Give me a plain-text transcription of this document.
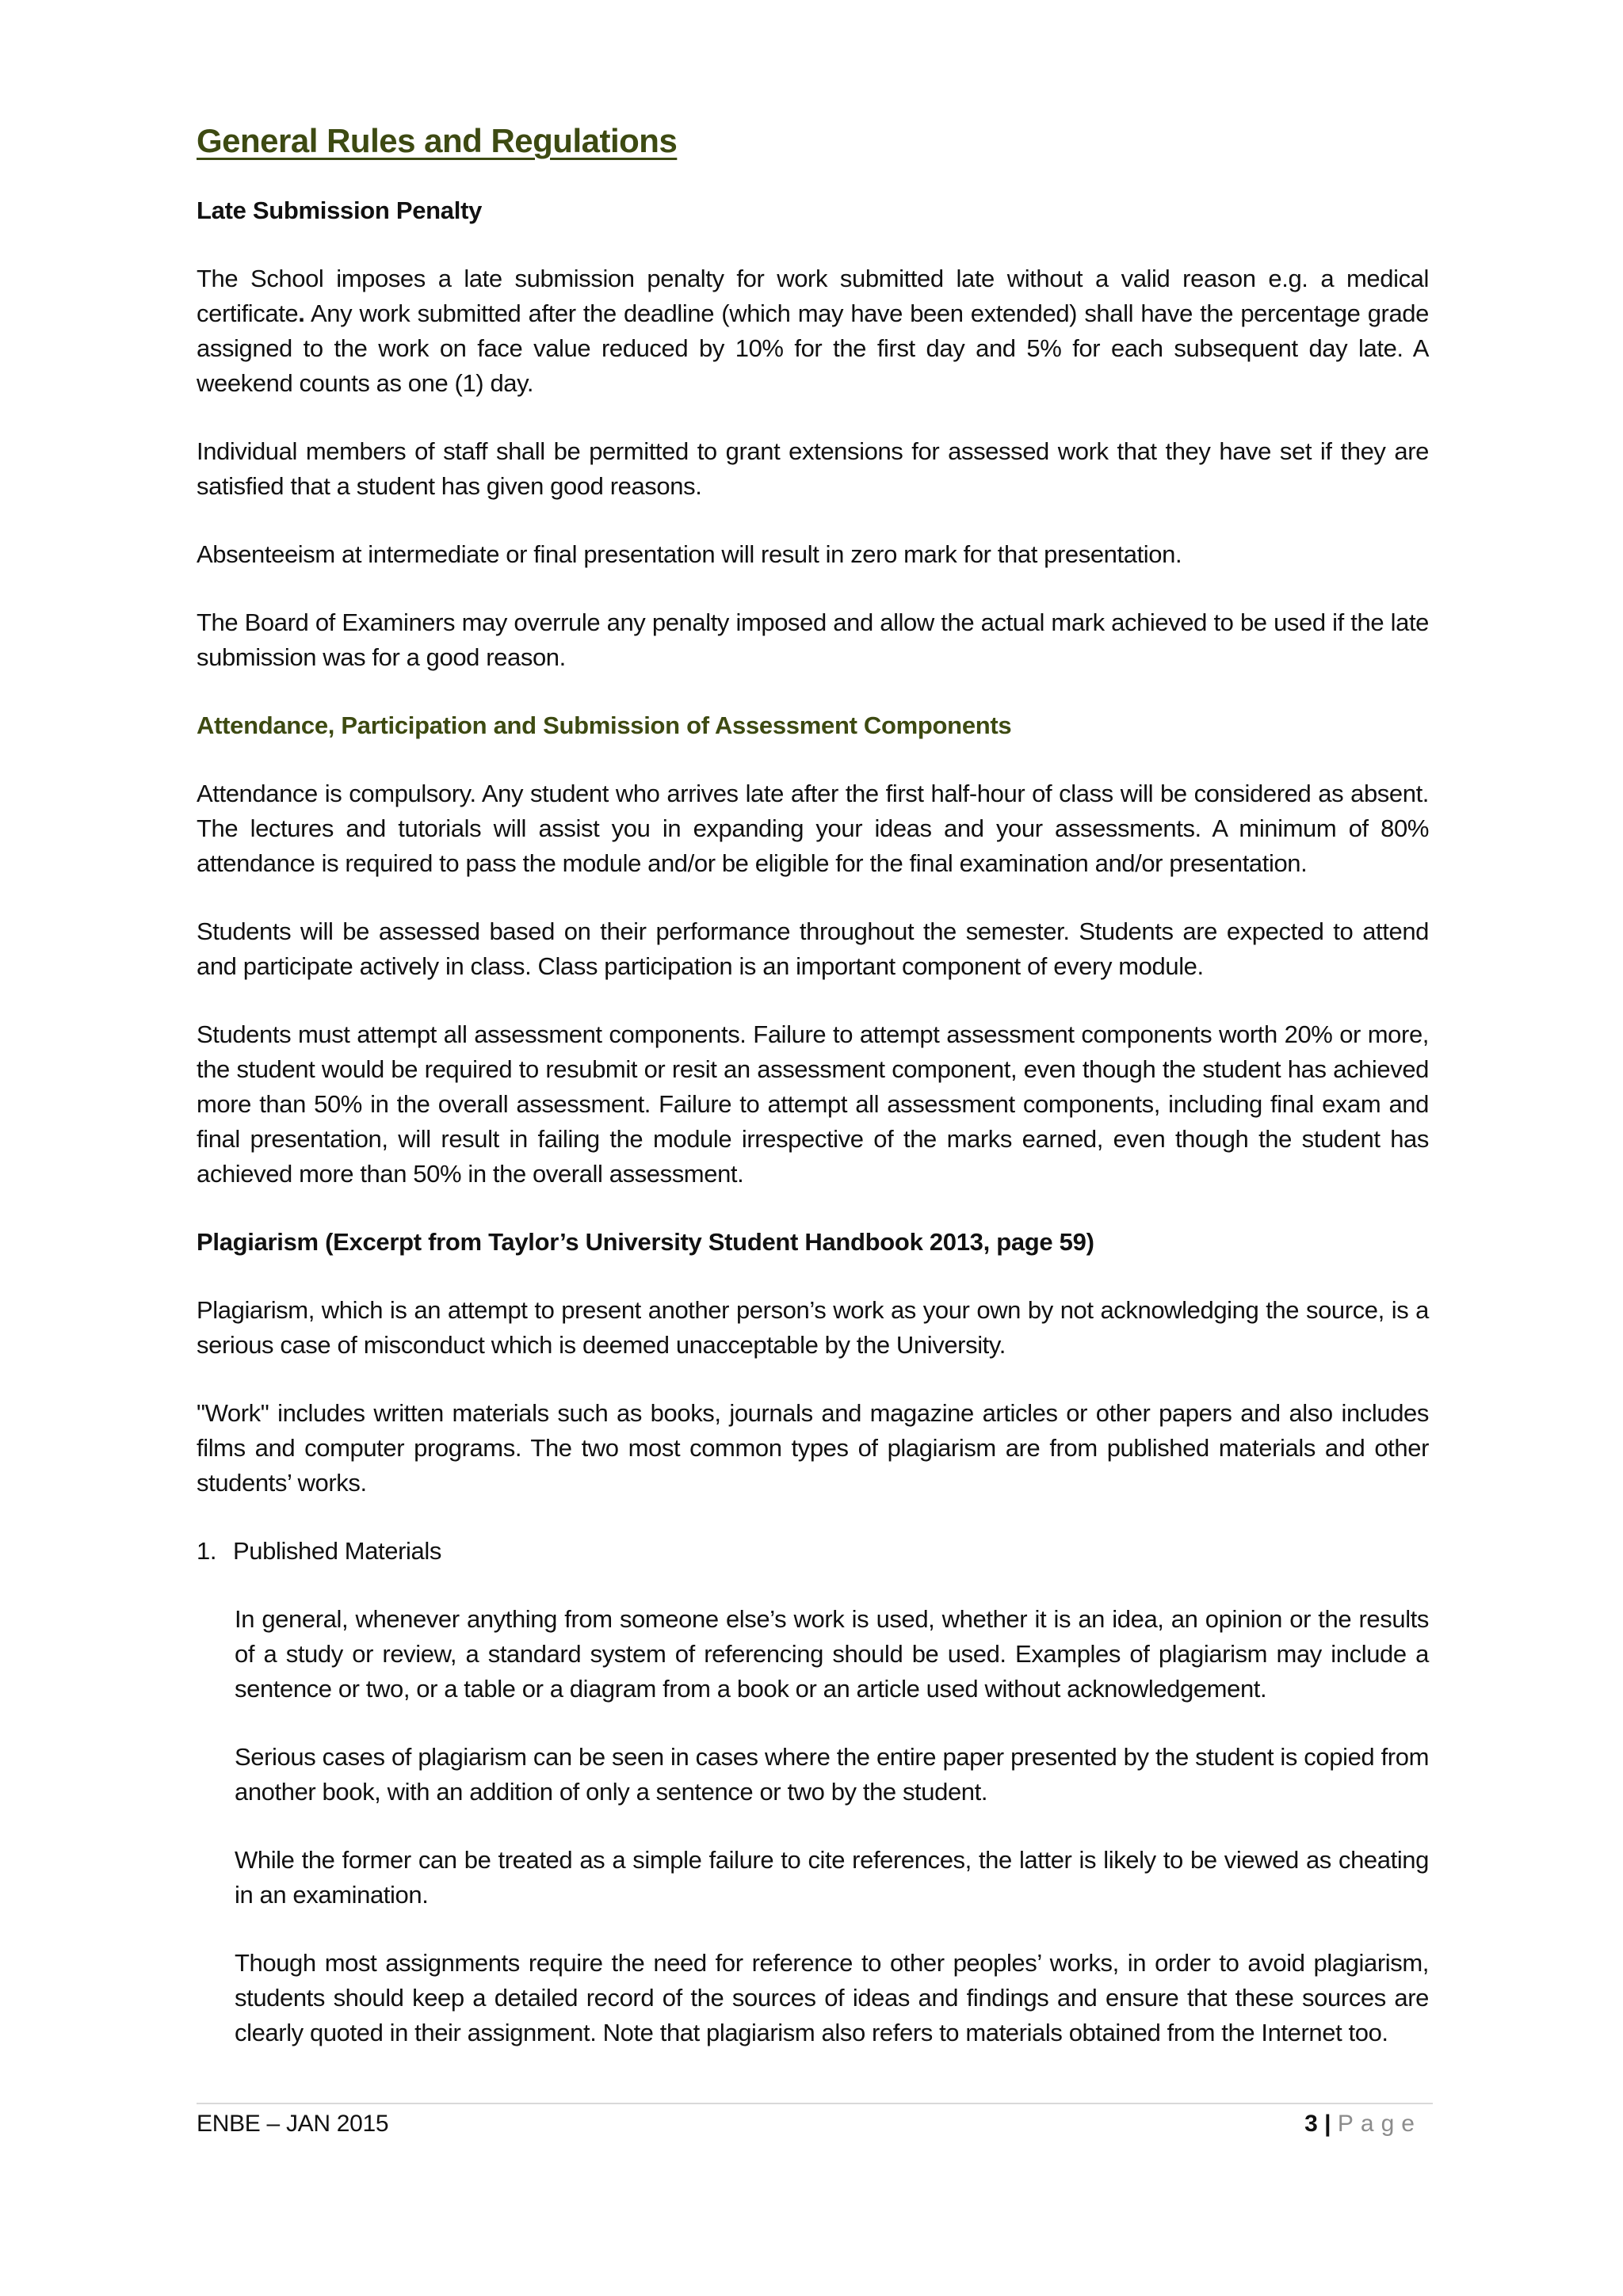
General Rules and Regulations
Late Submission Penalty

The School imposes a late submission penalty for work submitted late without a valid reason e.g. a medical certificate. Any work submitted after the deadline (which may have been extended) shall have the percentage grade assigned to the work on face value reduced by 10% for the first day and 5% for each subsequent day late. A weekend counts as one (1) day.

Individual members of staff shall be permitted to grant extensions for assessed work that they have set if they are satisfied that a student has given good reasons.

Absenteeism at intermediate or final presentation will result in zero mark for that presentation.

The Board of Examiners may overrule any penalty imposed and allow the actual mark achieved to be used if the late submission was for a good reason.

Attendance, Participation and Submission of Assessment Components

Attendance is compulsory. Any student who arrives late after the first half-hour of class will be considered as absent. The lectures and tutorials will assist you in expanding your ideas and your assessments. A minimum of 80% attendance is required to pass the module and/or be eligible for the final examination and/or presentation.

Students will be assessed based on their performance throughout the semester. Students are expected to attend and participate actively in class. Class participation is an important component of every module.

Students must attempt all assessment components. Failure to attempt assessment components worth 20% or more, the student would be required to resubmit or resit an assessment component, even though the student has achieved more than 50% in the overall assessment. Failure to attempt all assessment components, including final exam and final presentation, will result in failing the module irrespective of the marks earned, even though the student has achieved more than 50% in the overall assessment.

Plagiarism (Excerpt from Taylor’s University Student Handbook 2013, page 59)

Plagiarism, which is an attempt to present another person’s work as your own by not acknowledging the source, is a serious case of misconduct which is deemed unacceptable by the University.

"Work" includes written materials such as books, journals and magazine articles or other papers and also includes films and computer programs. The two most common types of plagiarism are from published materials and other students’ works.

1. Published Materials

In general, whenever anything from someone else’s work is used, whether it is an idea, an opinion or the results of a study or review, a standard system of referencing should be used. Examples of plagiarism may include a sentence or two, or a table or a diagram from a book or an article used without acknowledgement.

Serious cases of plagiarism can be seen in cases where the entire paper presented by the student is copied from another book, with an addition of only a sentence or two by the student.

While the former can be treated as a simple failure to cite references, the latter is likely to be viewed as cheating in an examination.

Though most assignments require the need for reference to other peoples’ works, in order to avoid plagiarism, students should keep a detailed record of the sources of ideas and findings and ensure that these sources are clearly quoted in their assignment. Note that plagiarism also refers to materials obtained from the Internet too.

ENBE – JAN 2015	3 | Page
